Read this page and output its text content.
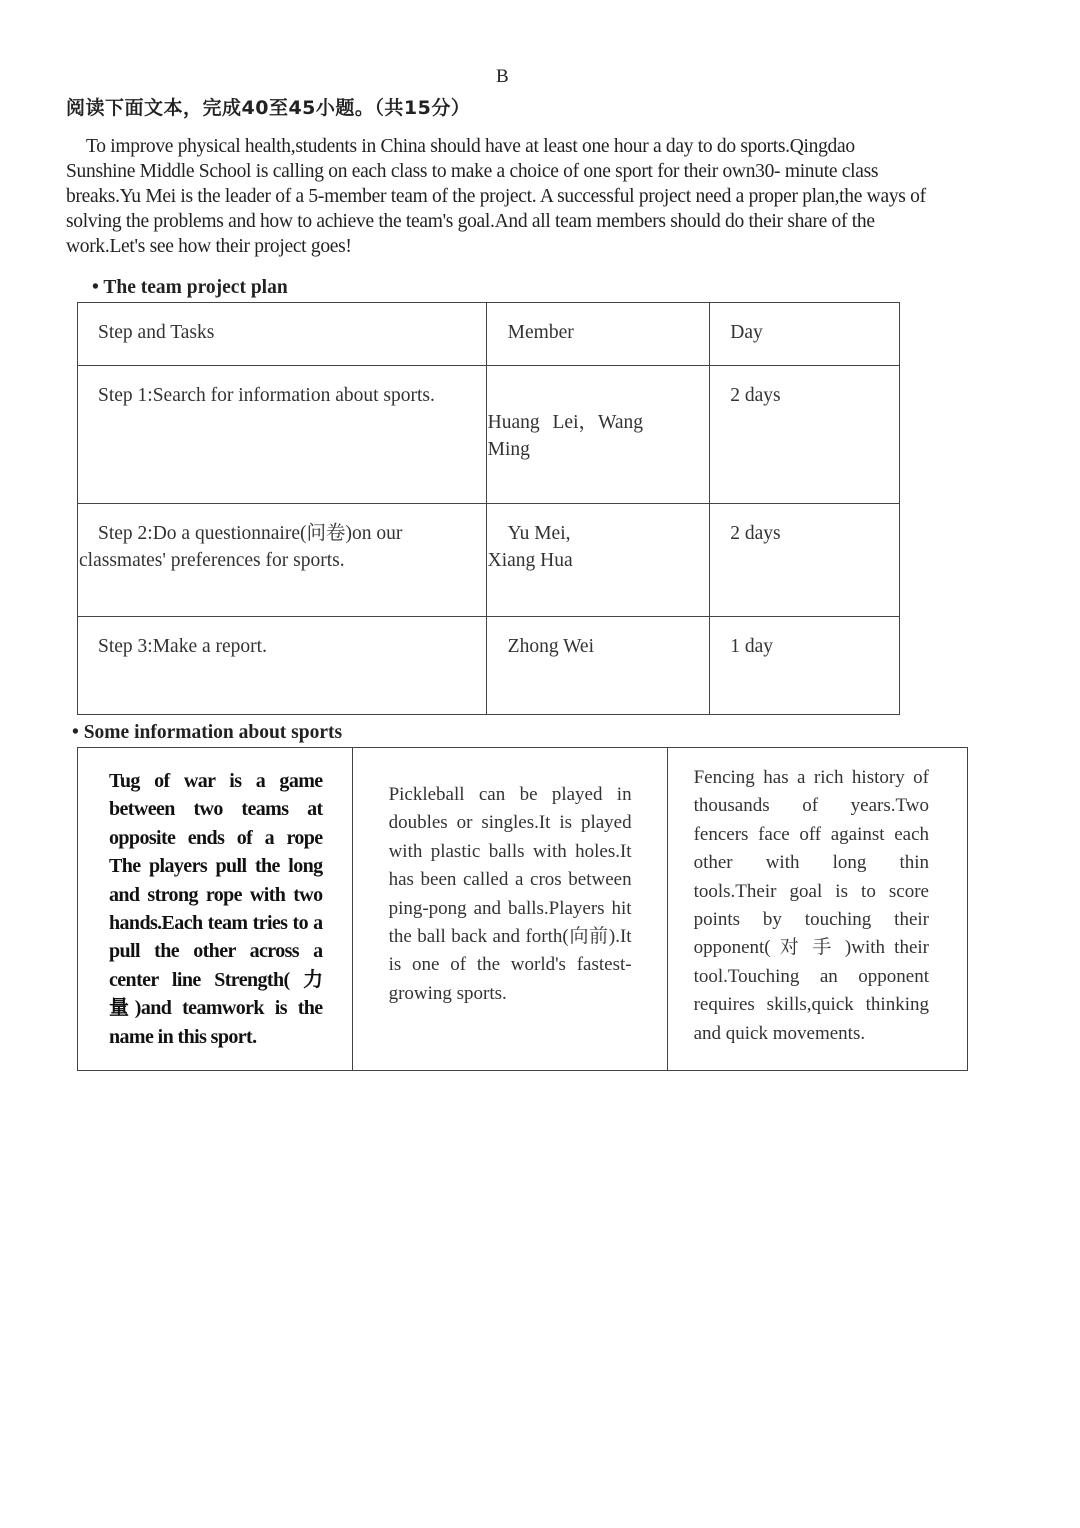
B
阅读下面文本，完成40至45小题。（共15分）
To improve physical health,students in China should have at least one hour a day to do sports.Qingdao Sunshine Middle School is calling on each class to make a choice of one sport for their own30- minute class breaks.Yu Mei is the leader of a 5-member team of the project. A successful project need a proper plan,the ways of solving the problems and how to achieve the team's goal.And all team members should do their share of the work.Let's see how their project goes!
• The team project plan
Step and Tasks	Member	Day

Step 1:Search for information about sports.	Huang Lei，Wang Ming	2 days

Step 2:Do a questionnaire(问卷)on our classmates' preferences for sports.	Yu Mei, Xiang Hua	2 days

Step 3:Make a report.	Zhong Wei	1 day
• Some information about sports
Tug of war is a game between two teams at opposite ends of a rope The players pull the long and strong rope with two hands.Each team tries to a pull the other across a center line Strength( 力量)and teamwork is the name in this sport.

Pickleball can be played in doubles or singles.It is played with plastic balls with holes.It has been called a cros between ping-pong and balls.Players hit the ball back and forth(向前).It is one of the world's fastest-growing sports.

Fencing has a rich history of thousands of years.Two fencers face off against each other with long thin tools.Their goal is to score points by touching their opponent( 对 手 )with their tool.Touching an opponent requires skills,quick thinking and quick movements.
